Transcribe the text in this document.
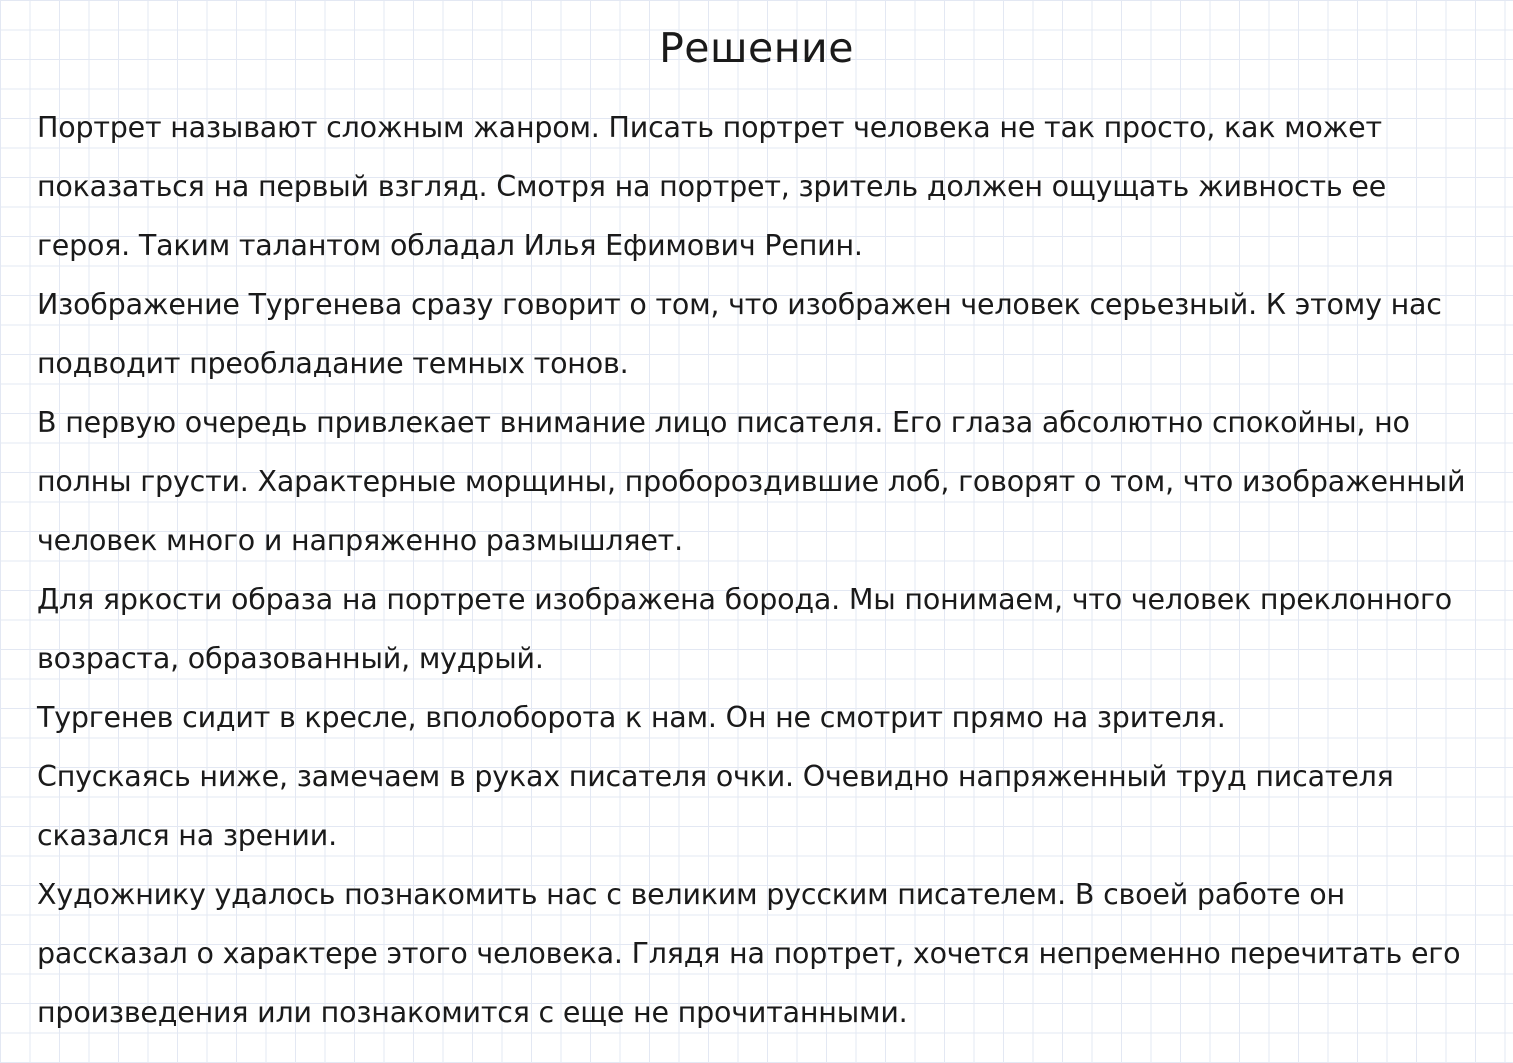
Решение

Портрет называют сложным жанром. Писать портрет человека не так просто, как может показаться на первый взгляд. Смотря на портрет, зритель должен ощущать живность ее героя. Таким талантом обладал Илья Ефимович Репин.

Изображение Тургенева сразу говорит о том, что изображен человек серьезный. К этому нас подводит преобладание темных тонов.

В первую очередь привлекает внимание лицо писателя. Его глаза абсолютно спокойны, но полны грусти. Характерные морщины, пробороздившие лоб, говорят о том, что изображенный человек много и напряженно размышляет.

Для яркости образа на портрете изображена борода. Мы понимаем, что человек преклонного возраста, образованный, мудрый.

Тургенев сидит в кресле, вполоборота к нам. Он не смотрит прямо на зрителя.

Спускаясь ниже, замечаем в руках писателя очки. Очевидно напряженный труд писателя сказался на зрении.

Художнику удалось познакомить нас с великим русским писателем. В своей работе он рассказал о характере этого человека. Глядя на портрет, хочется непременно перечитать его произведения или познакомится с еще не прочитанными.
